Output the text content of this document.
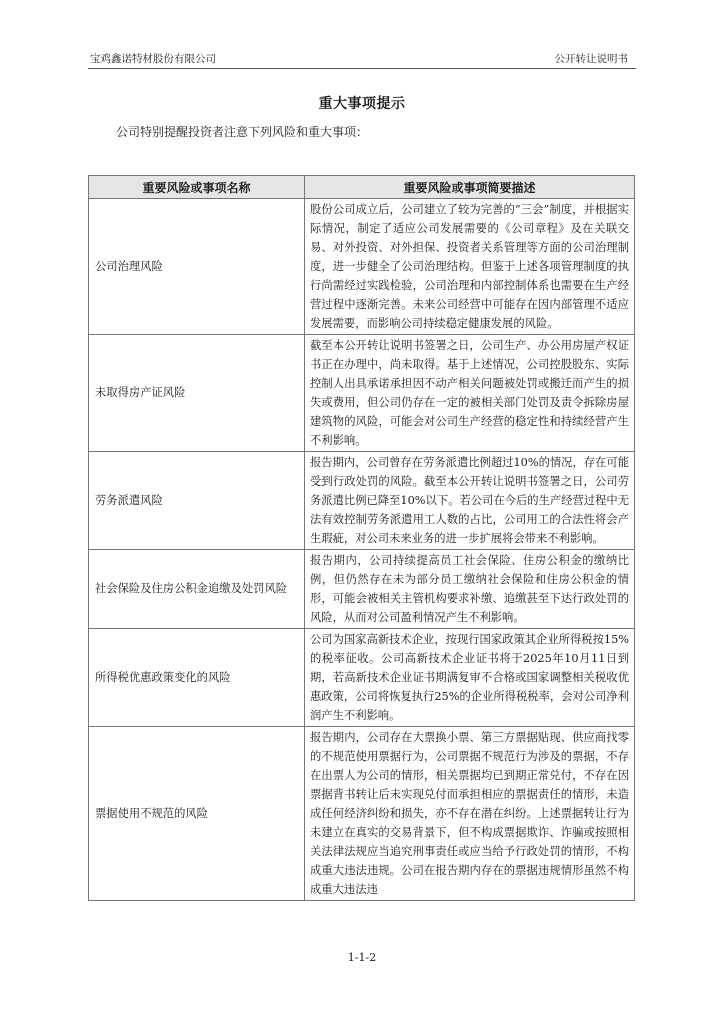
宝鸡鑫诺特材股份有限公司	公开转让说明书
重大事项提示
公司特别提醒投资者注意下列风险和重大事项：
重要风险或事项名称	重要风险或事项简要描述
公司治理风险	股份公司成立后，公司建立了较为完善的“三会”制度，并根据实际情况，制定了适应公司发展需要的《公司章程》及在关联交易、对外投资、对外担保、投资者关系管理等方面的公司治理制度，进一步健全了公司治理结构。但鉴于上述各项管理制度的执行尚需经过实践检验，公司治理和内部控制体系也需要在生产经营过程中逐渐完善。未来公司经营中可能存在因内部管理不适应发展需要，而影响公司持续稳定健康发展的风险。
未取得房产证风险	截至本公开转让说明书签署之日，公司生产、办公用房屋产权证书正在办理中，尚未取得。基于上述情况，公司控股股东、实际控制人出具承诺承担因不动产相关问题被处罚或搬迁而产生的损失或费用，但公司仍存在一定的被相关部门处罚及责令拆除房屋建筑物的风险，可能会对公司生产经营的稳定性和持续经营产生不利影响。
劳务派遣风险	报告期内，公司曾存在劳务派遣比例超过10%的情况，存在可能受到行政处罚的风险。截至本公开转让说明书签署之日，公司劳务派遣比例已降至10%以下。若公司在今后的生产经营过程中无法有效控制劳务派遣用工人数的占比，公司用工的合法性将会产生瑕疵，对公司未来业务的进一步扩展将会带来不利影响。
社会保险及住房公积金追缴及处罚风险	报告期内，公司持续提高员工社会保险、住房公积金的缴纳比例，但仍然存在未为部分员工缴纳社会保险和住房公积金的情形，可能会被相关主管机构要求补缴、追缴甚至下达行政处罚的风险，从而对公司盈利情况产生不利影响。
所得税优惠政策变化的风险	公司为国家高新技术企业，按现行国家政策其企业所得税按15%的税率征收。公司高新技术企业证书将于2025年10月11日到期，若高新技术企业证书期满复审不合格或国家调整相关税收优惠政策，公司将恢复执行25%的企业所得税税率，会对公司净利润产生不利影响。
票据使用不规范的风险	报告期内，公司存在大票换小票、第三方票据贴现、供应商找零的不规范使用票据行为，公司票据不规范行为涉及的票据，不存在出票人为公司的情形，相关票据均已到期正常兑付，不存在因票据背书转让后未实现兑付而承担相应的票据责任的情形，未造成任何经济纠纷和损失，亦不存在潜在纠纷。上述票据转让行为未建立在真实的交易背景下，但不构成票据欺诈、诈骗或按照相关法律法规应当追究刑事责任或应当给予行政处罚的情形，不构成重大违法违规。公司在报告期内存在的票据违规情形虽然不构成重大违法违
1-1-2
